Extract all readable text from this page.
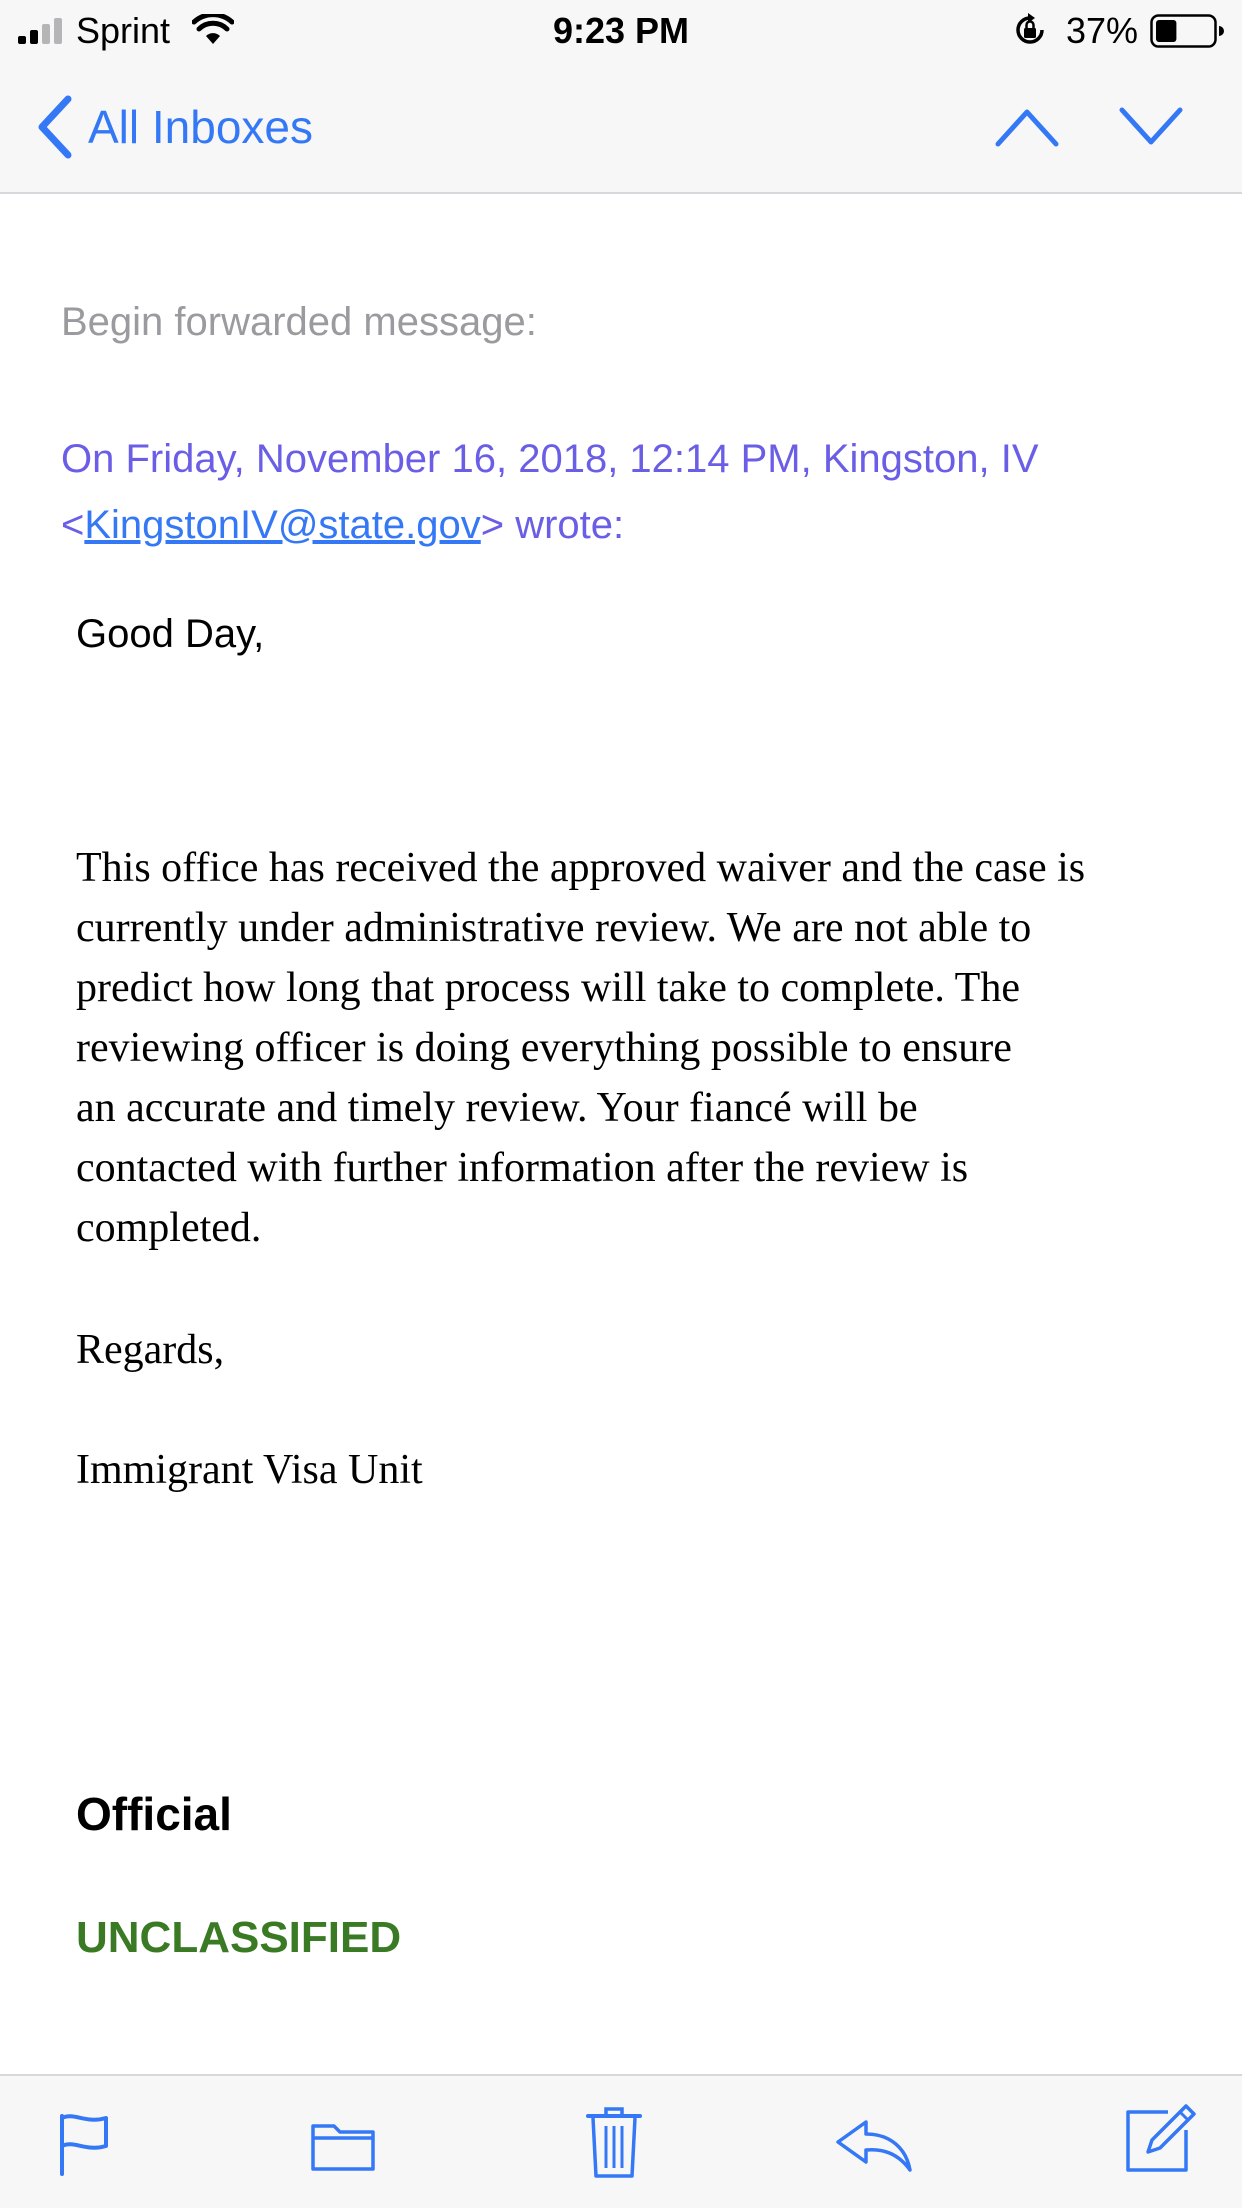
Sprint	9:23 PM	37%
All Inboxes
Begin forwarded message:
On Friday, November 16, 2018, 12:14 PM, Kingston, IV
<KingstonIV@state.gov> wrote:
Good Day,
This office has received the approved waiver and the case is
currently under administrative review. We are not able to
predict how long that process will take to complete. The
reviewing officer is doing everything possible to ensure
an accurate and timely review. Your fiancé will be
contacted with further information after the review is
completed.
Regards,
Immigrant Visa Unit
Official
UNCLASSIFIED
